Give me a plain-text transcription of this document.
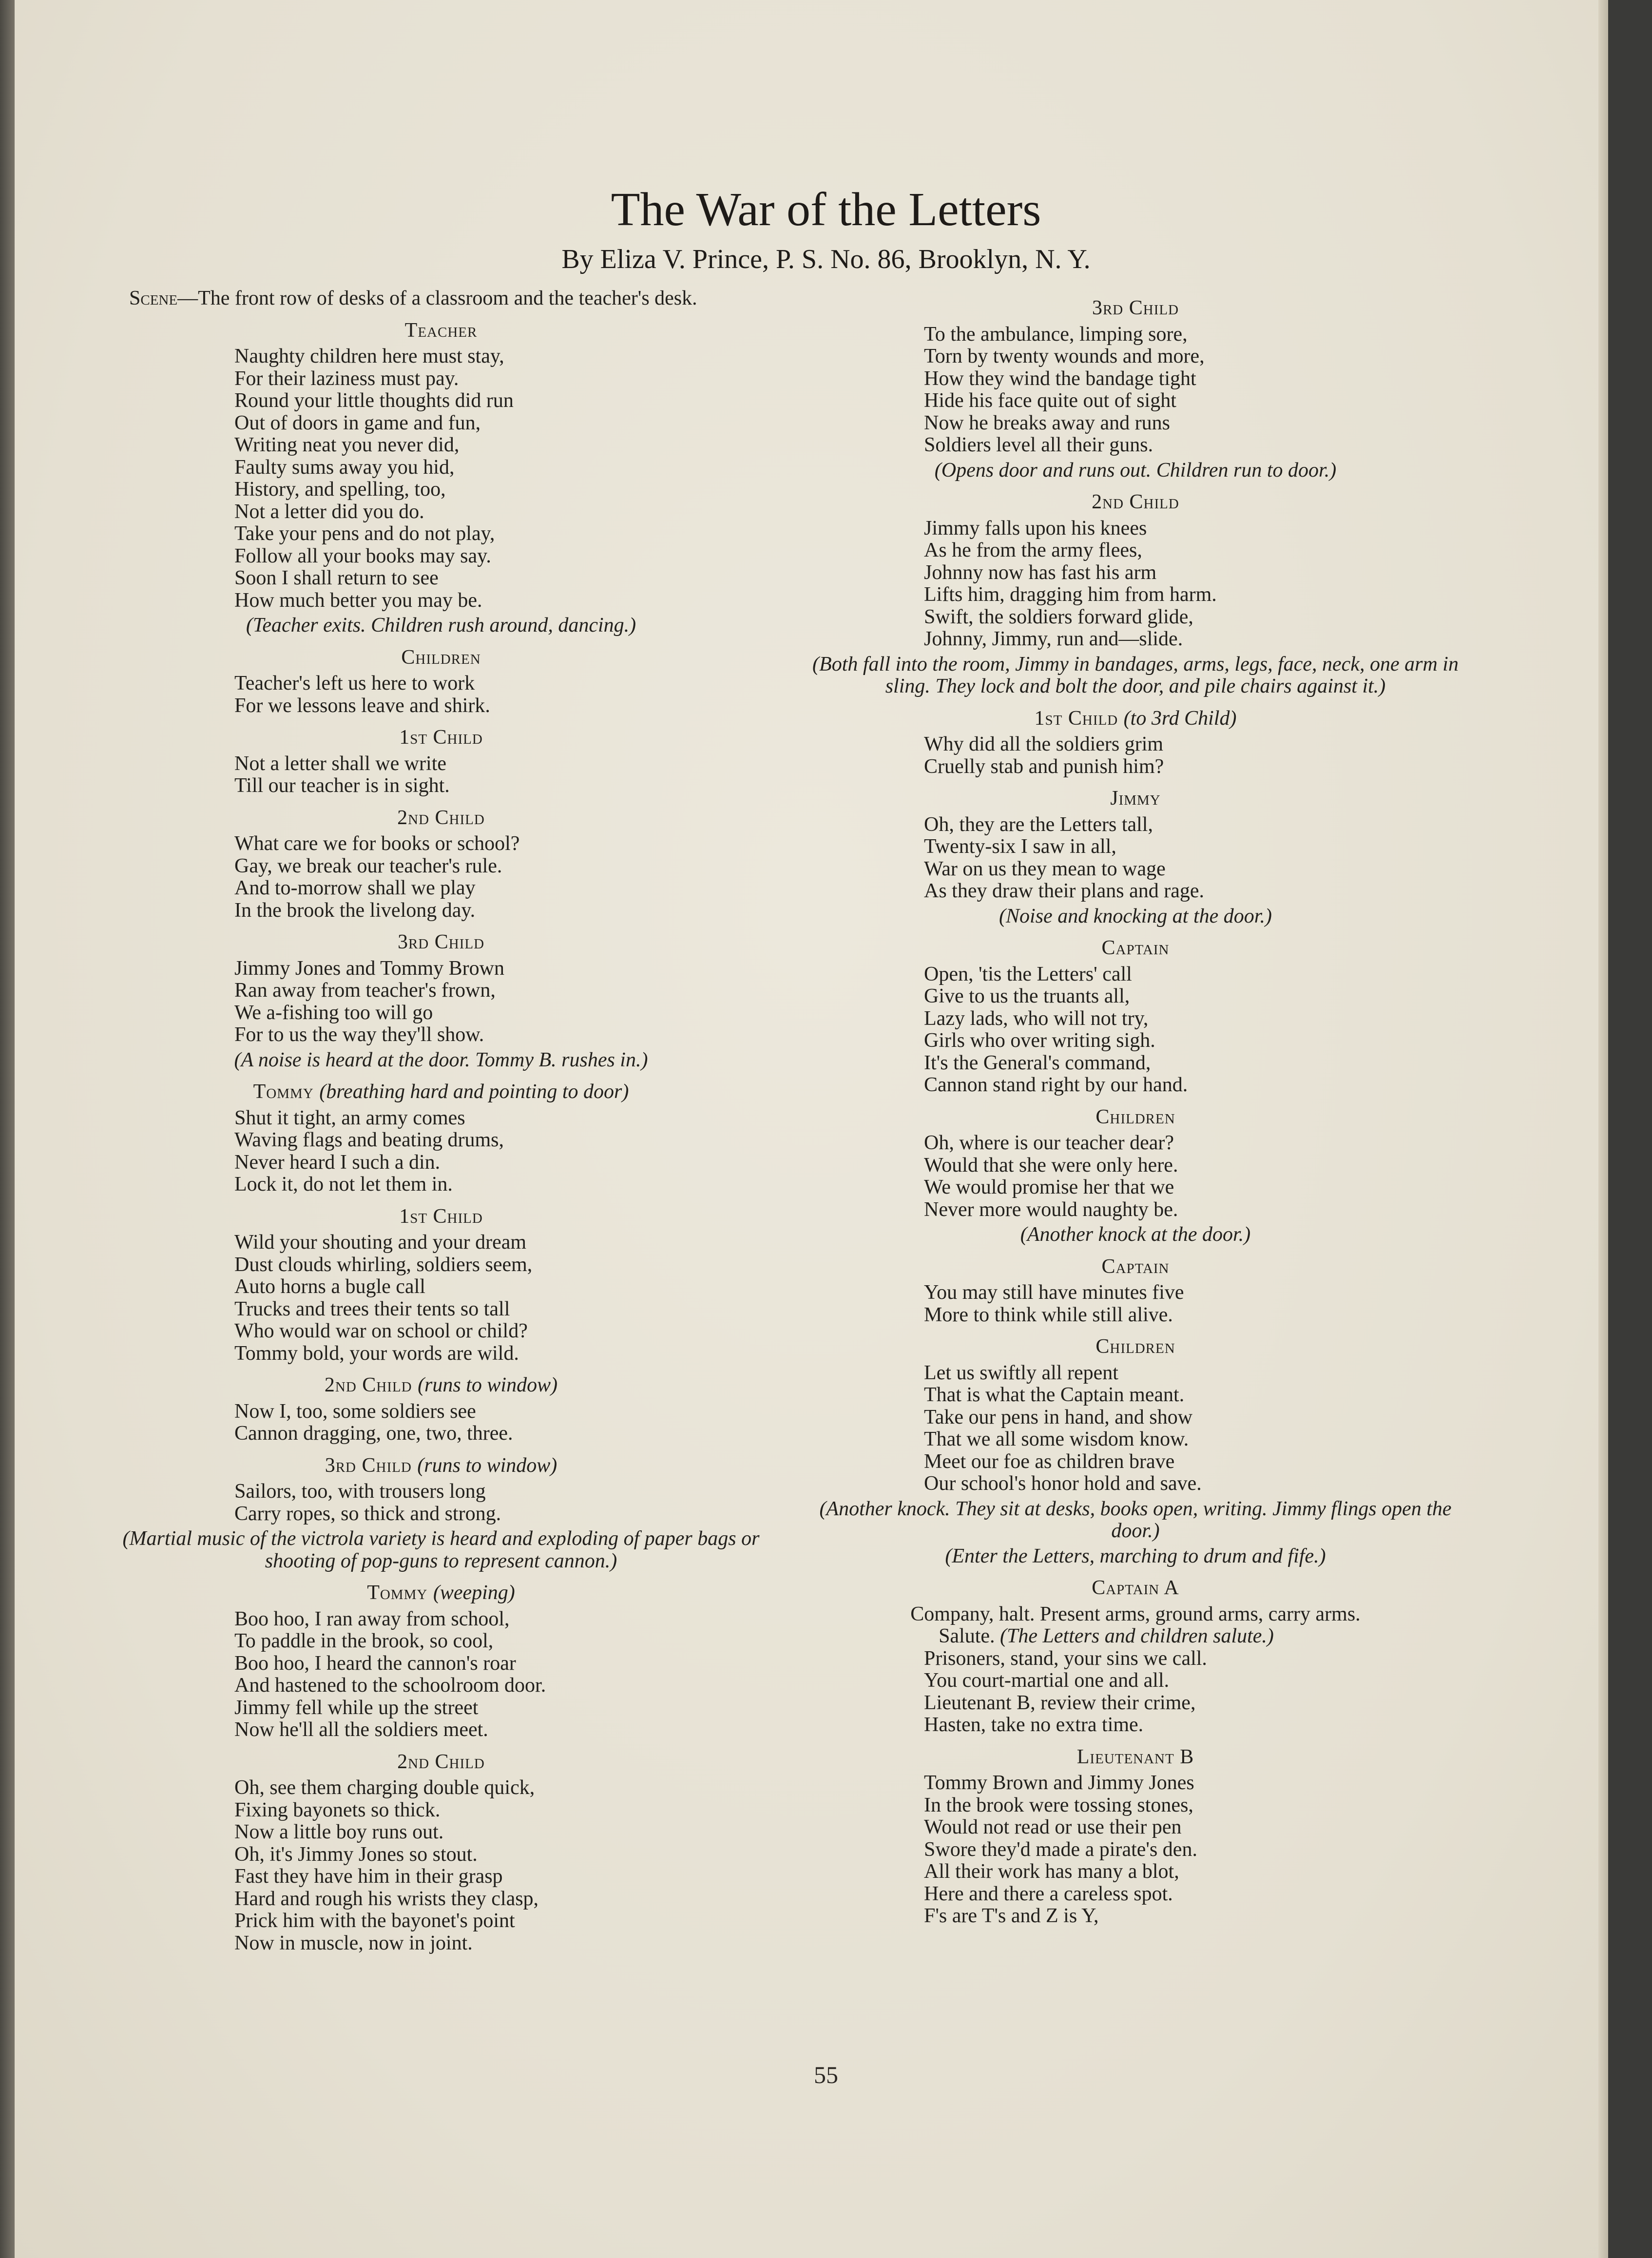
The War of the Letters
By Eliza V. Prince, P. S. No. 86, Brooklyn, N. Y.
Scene—The front row of desks of a classroom and the teacher's desk.
Teacher
Naughty children here must stay,
For their laziness must pay.
Round your little thoughts did run
Out of doors in game and fun,
Writing neat you never did,
Faulty sums away you hid,
History, and spelling, too,
Not a letter did you do.
Take your pens and do not play,
Follow all your books may say.
Soon I shall return to see
How much better you may be.
(Teacher exits. Children rush around, dancing.)
Children
Teacher's left us here to work
For we lessons leave and shirk.
1st Child
Not a letter shall we write
Till our teacher is in sight.
2nd Child
What care we for books or school?
Gay, we break our teacher's rule.
And to-morrow shall we play
In the brook the livelong day.
3rd Child
Jimmy Jones and Tommy Brown
Ran away from teacher's frown,
We a-fishing too will go
For to us the way they'll show.
(A noise is heard at the door. Tommy B. rushes in.)
Tommy (breathing hard and pointing to door)
Shut it tight, an army comes
Waving flags and beating drums,
Never heard I such a din.
Lock it, do not let them in.
1st Child
Wild your shouting and your dream
Dust clouds whirling, soldiers seem,
Auto horns a bugle call
Trucks and trees their tents so tall
Who would war on school or child?
Tommy bold, your words are wild.
2nd Child (runs to window)
Now I, too, some soldiers see
Cannon dragging, one, two, three.
3rd Child (runs to window)
Sailors, too, with trousers long
Carry ropes, so thick and strong.
(Martial music of the victrola variety is heard and exploding of paper bags or shooting of pop-guns to represent cannon.)
Tommy (weeping)
Boo hoo, I ran away from school,
To paddle in the brook, so cool,
Boo hoo, I heard the cannon's roar
And hastened to the schoolroom door.
Jimmy fell while up the street
Now he'll all the soldiers meet.
2nd Child
Oh, see them charging double quick,
Fixing bayonets so thick.
Now a little boy runs out.
Oh, it's Jimmy Jones so stout.
Fast they have him in their grasp
Hard and rough his wrists they clasp,
Prick him with the bayonet's point
Now in muscle, now in joint.
3rd Child
To the ambulance, limping sore,
Torn by twenty wounds and more,
How they wind the bandage tight
Hide his face quite out of sight
Now he breaks away and runs
Soldiers level all their guns.
(Opens door and runs out. Children run to door.)
2nd Child
Jimmy falls upon his knees
As he from the army flees,
Johnny now has fast his arm
Lifts him, dragging him from harm.
Swift, the soldiers forward glide,
Johnny, Jimmy, run and—slide.
(Both fall into the room, Jimmy in bandages, arms, legs, face, neck, one arm in sling. They lock and bolt the door, and pile chairs against it.)
1st Child (to 3rd Child)
Why did all the soldiers grim
Cruelly stab and punish him?
Jimmy
Oh, they are the Letters tall,
Twenty-six I saw in all,
War on us they mean to wage
As they draw their plans and rage.
(Noise and knocking at the door.)
Captain
Open, 'tis the Letters' call
Give to us the truants all,
Lazy lads, who will not try,
Girls who over writing sigh.
It's the General's command,
Cannon stand right by our hand.
Children
Oh, where is our teacher dear?
Would that she were only here.
We would promise her that we
Never more would naughty be.
(Another knock at the door.)
Captain
You may still have minutes five
More to think while still alive.
Children
Let us swiftly all repent
That is what the Captain meant.
Take our pens in hand, and show
That we all some wisdom know.
Meet our foe as children brave
Our school's honor hold and save.
(Another knock. They sit at desks, books open, writing. Jimmy flings open the door.)
(Enter the Letters, marching to drum and fife.)
Captain A
Company, halt. Present arms, ground arms, carry arms.
Salute. (The Letters and children salute.)
Prisoners, stand, your sins we call.
You court-martial one and all.
Lieutenant B, review their crime,
Hasten, take no extra time.
Lieutenant B
Tommy Brown and Jimmy Jones
In the brook were tossing stones,
Would not read or use their pen
Swore they'd made a pirate's den.
All their work has many a blot,
Here and there a careless spot.
F's are T's and Z is Y,
55
